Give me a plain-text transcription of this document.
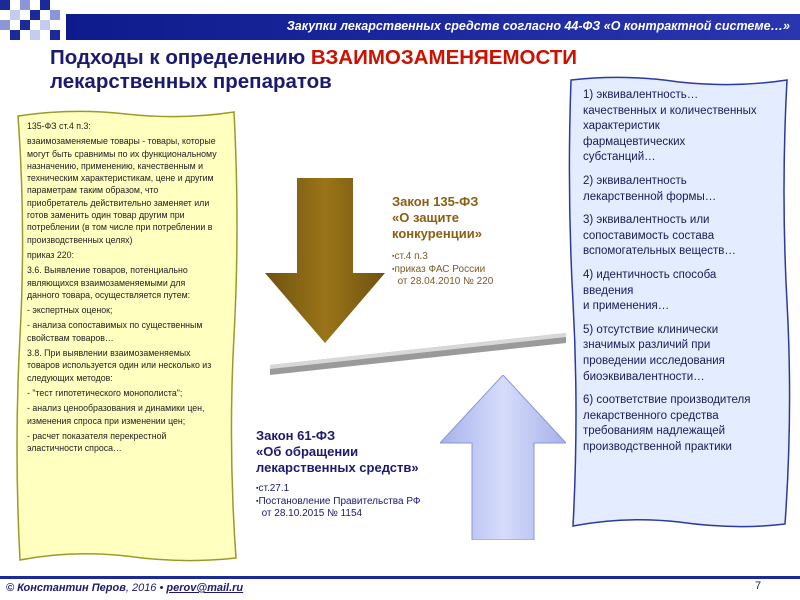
Закупки лекарственных средств согласно 44-ФЗ «О контрактной системе…»
Подходы к определению ВЗАИМОЗАМЕНЯЕМОСТИ
лекарственных препаратов

135-ФЗ ст.4 п.3:

взаимозаменяемые товары - товары, которые могут быть сравнимы по их функциональному назначению, применению, качественным и техническим характеристикам, цене и другим параметрам таким образом, что приобретатель действительно заменяет или готов заменить один товар другим при потреблении (в том числе при потреблении в производственных целях)

приказ 220:

3.6. Выявление товаров, потенциально являющихся взаимозаменяемыми для данного товара, осуществляется путем:

- экспертных оценок;

- анализа сопоставимых по существенным свойствам товаров…

3.8. При выявлении взаимозаменяемых товаров используется один или несколько из следующих методов:

- "тест гипотетического монополиста";

- анализ ценообразования и динамики цен, изменения спроса при изменении цен;

- расчет показателя перекрестной эластичности спроса…

1) эквивалентность…
качественных и количественных характеристик
фармацевтических
субстанций…
2) эквивалентность
лекарственной формы…
3) эквивалентность или
сопоставимость состава
вспомогательных веществ…
4) идентичность способа
введения
и применения…
5) отсутствие клинически
значимых различий при
проведении исследования
биоэквивалентности…
6) соответствие производителя
лекарственного средства
требованиям надлежащей
производственной практики
Закон 135-ФЗ
«О защите
конкуренции»
▪ст.4 п.3
▪приказ ФАС России
от 28.04.2010 № 220
Закон 61-ФЗ
«Об обращении
лекарственных средств»
▪ст.27.1
▪Постановление Правительства РФ
от 28.10.2015 № 1154
© Константин Перов, 2016 • perov@mail.ru	7
